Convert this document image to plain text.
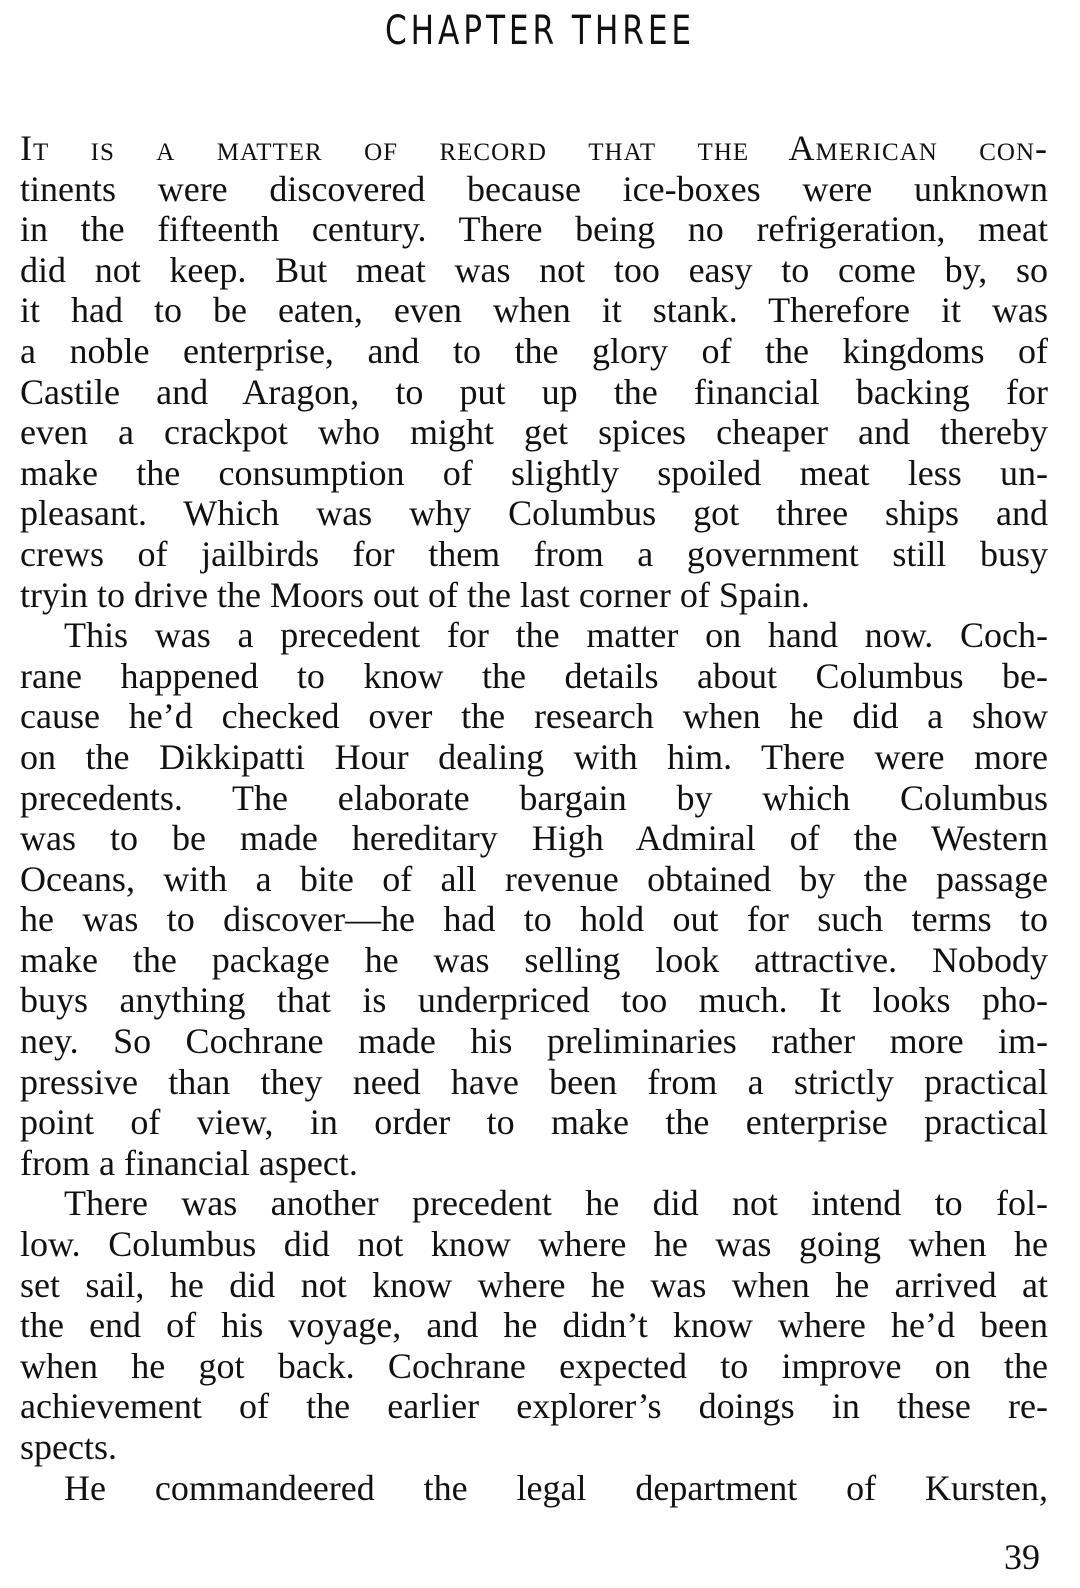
CHAPTER THREE
It is a matter of record that the American con-
tinents were discovered because ice-boxes were unknown
in the fifteenth century. There being no refrigeration, meat
did not keep. But meat was not too easy to come by, so
it had to be eaten, even when it stank. Therefore it was
a noble enterprise, and to the glory of the kingdoms of
Castile and Aragon, to put up the financial backing for
even a crackpot who might get spices cheaper and thereby
make the consumption of slightly spoiled meat less un-
pleasant. Which was why Columbus got three ships and
crews of jailbirds for them from a government still busy
tryin to drive the Moors out of the last corner of Spain.
This was a precedent for the matter on hand now. Coch-
rane happened to know the details about Columbus be-
cause he’d checked over the research when he did a show
on the Dikkipatti Hour dealing with him. There were more
precedents. The elaborate bargain by which Columbus
was to be made hereditary High Admiral of the Western
Oceans, with a bite of all revenue obtained by the passage
he was to discover—he had to hold out for such terms to
make the package he was selling look attractive. Nobody
buys anything that is underpriced too much. It looks pho-
ney. So Cochrane made his preliminaries rather more im-
pressive than they need have been from a strictly practical
point of view, in order to make the enterprise practical
from a financial aspect.
There was another precedent he did not intend to fol-
low. Columbus did not know where he was going when he
set sail, he did not know where he was when he arrived at
the end of his voyage, and he didn’t know where he’d been
when he got back. Cochrane expected to improve on the
achievement of the earlier explorer’s doings in these re-
spects.
He commandeered the legal department of Kursten,
39
